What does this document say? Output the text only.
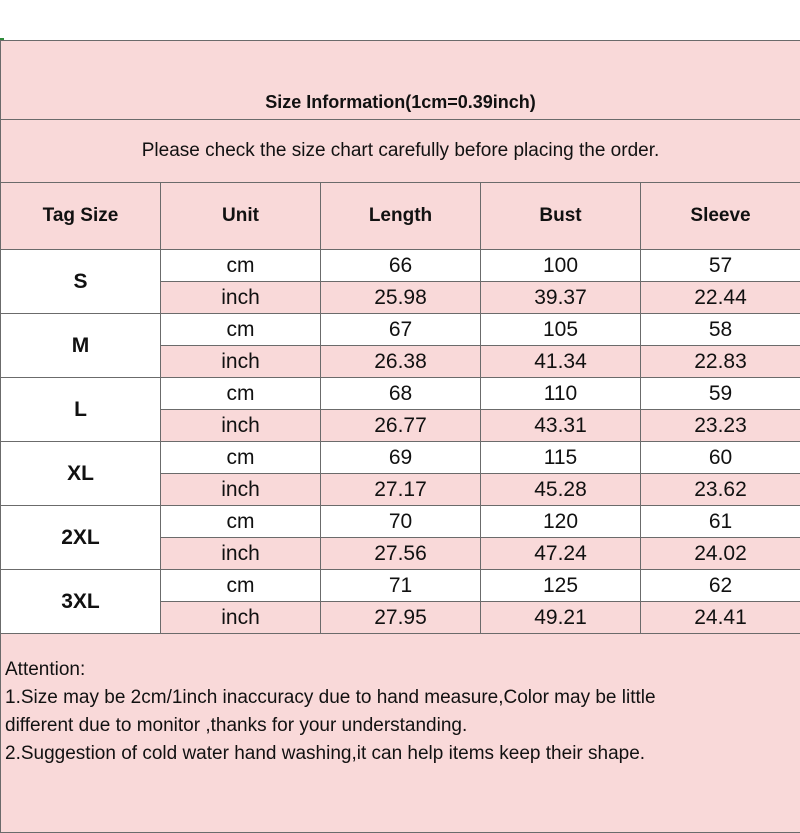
Size Information(1cm=0.39inch)				
Please check the size chart carefully before placing the order.				
Tag Size	Unit	Length	Bust	Sleeve
S	cm	66	100	57
	inch	25.98	39.37	22.44
M	cm	67	105	58
	inch	26.38	41.34	22.83
L	cm	68	110	59
	inch	26.77	43.31	23.23
XL	cm	69	115	60
	inch	27.17	45.28	23.62
2XL	cm	70	120	61
	inch	27.56	47.24	24.02
3XL	cm	71	125	62
	inch	27.95	49.21	24.41

Attention:
1.Size may be 2cm/1inch inaccuracy due to hand measure,Color may be little
different due to monitor ,thanks for your understanding.
2.Suggestion of cold water hand washing,it can help items keep their shape.				
